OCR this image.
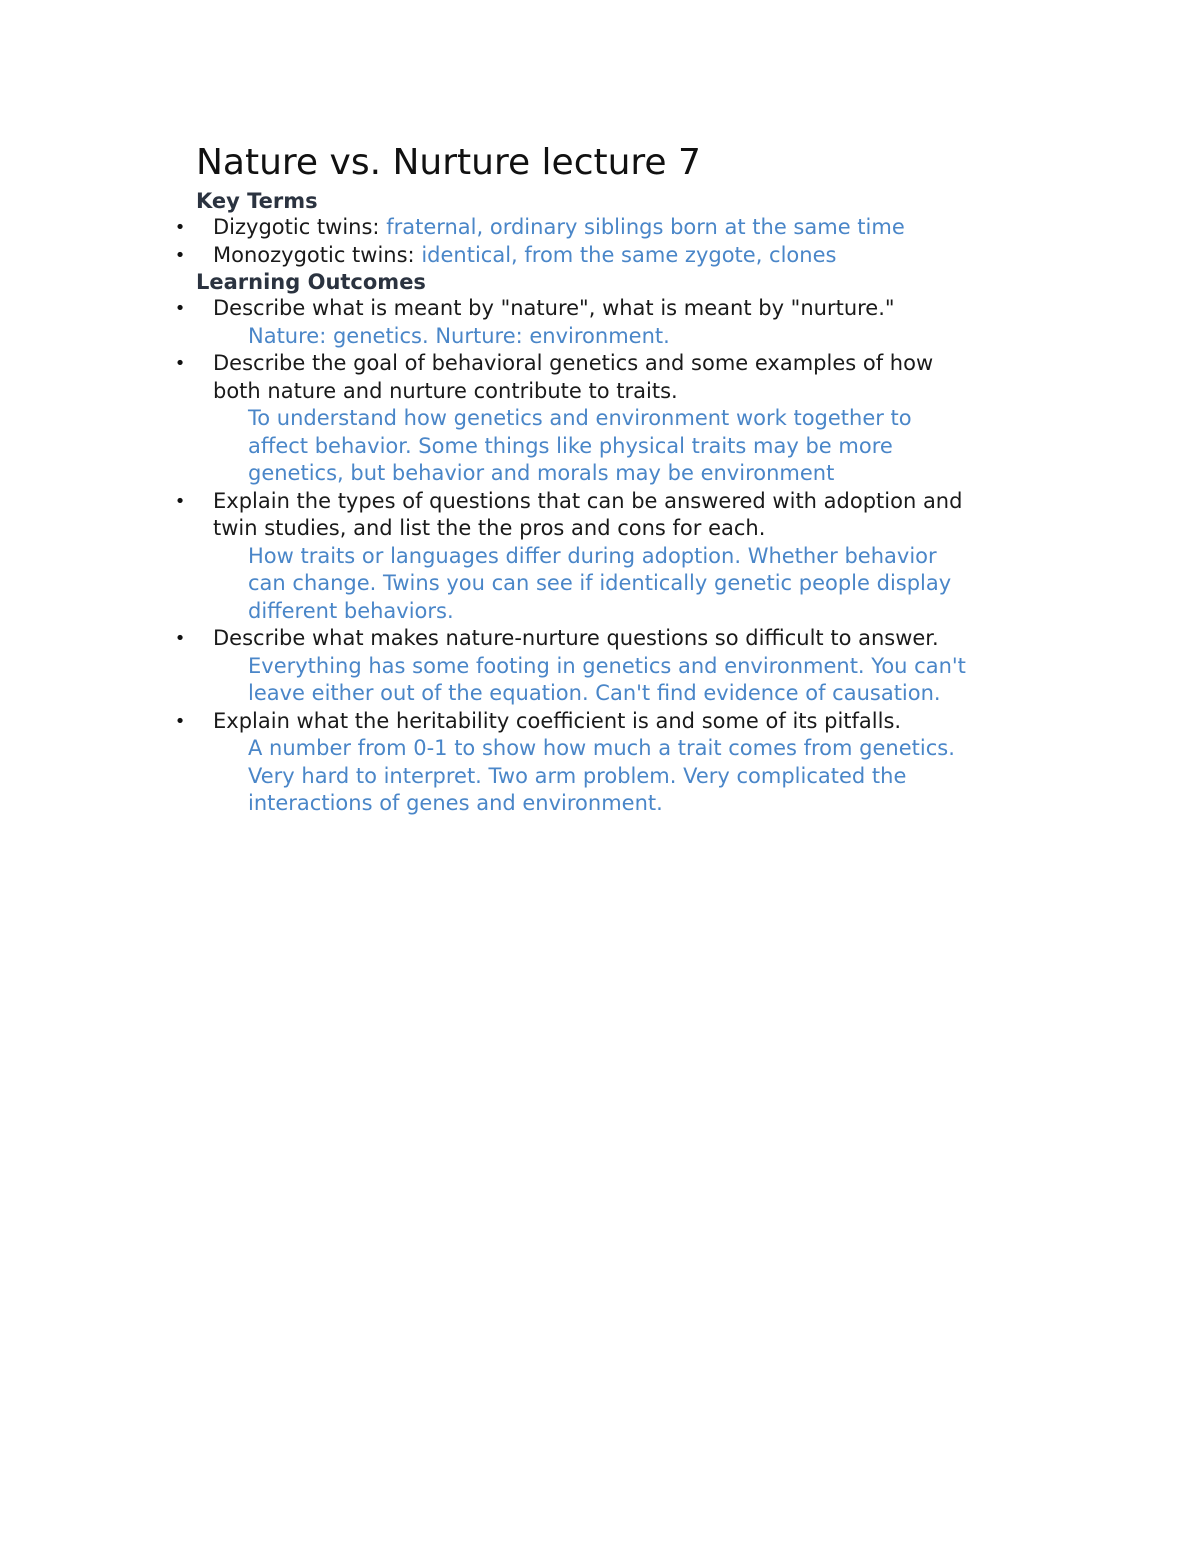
Nature vs. Nurture lecture 7
Key Terms
• Dizygotic twins: fraternal, ordinary siblings born at the same time
• Monozygotic twins: identical, from the same zygote, clones
Learning Outcomes
• Describe what is meant by "nature", what is meant by "nurture."
Nature: genetics. Nurture: environment.
• Describe the goal of behavioral genetics and some examples of how
both nature and nurture contribute to traits.
To understand how genetics and environment work together to
affect behavior. Some things like physical traits may be more
genetics, but behavior and morals may be environment
• Explain the types of questions that can be answered with adoption and
twin studies, and list the the pros and cons for each.
How traits or languages differ during adoption. Whether behavior
can change. Twins you can see if identically genetic people display
different behaviors.
• Describe what makes nature-nurture questions so difficult to answer.
Everything has some footing in genetics and environment. You can't
leave either out of the equation. Can't find evidence of causation.
• Explain what the heritability coefficient is and some of its pitfalls.
A number from 0-1 to show how much a trait comes from genetics.
Very hard to interpret. Two arm problem. Very complicated the
interactions of genes and environment.
